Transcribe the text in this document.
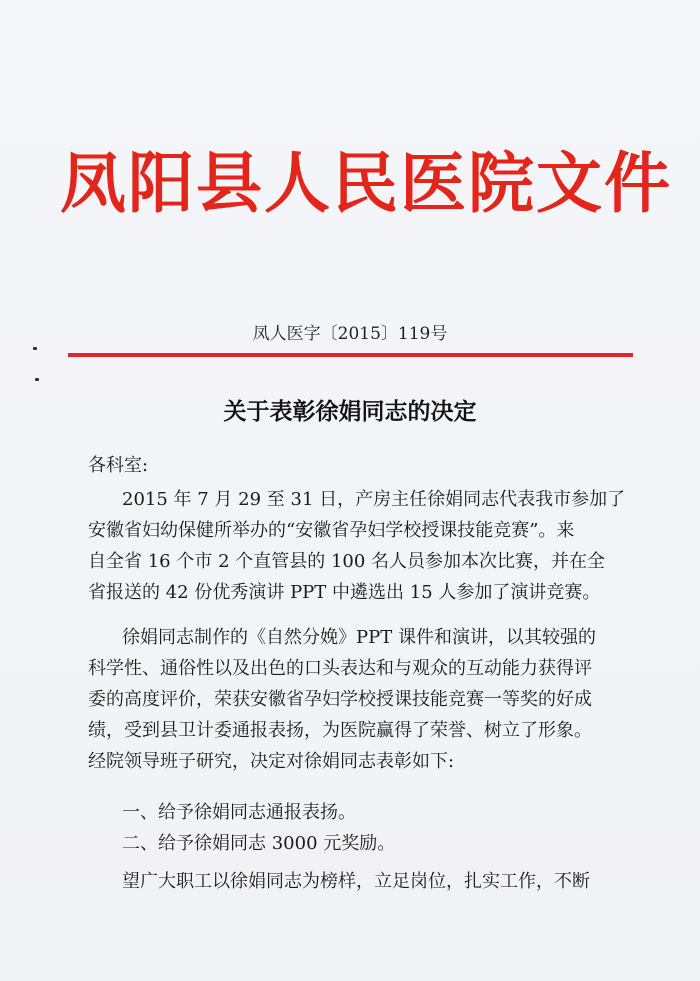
凤阳县人民医院文件
凤人医字〔2015〕119号
关于表彰徐娟同志的决定
各科室:
2015 年 7 月 29 至 31 日，产房主任徐娟同志代表我市参加了
安徽省妇幼保健所举办的“安徽省孕妇学校授课技能竞赛”。来
自全省 16 个市 2 个直管县的 100 名人员参加本次比赛，并在全
省报送的 42 份优秀演讲 PPT 中遴选出 15 人参加了演讲竞赛。
徐娟同志制作的《自然分娩》PPT 课件和演讲，以其较强的
科学性、通俗性以及出色的口头表达和与观众的互动能力获得评
委的高度评价，荣获安徽省孕妇学校授课技能竞赛一等奖的好成
绩，受到县卫计委通报表扬，为医院赢得了荣誉、树立了形象。
经院领导班子研究，决定对徐娟同志表彰如下:
一、给予徐娟同志通报表扬。
二、给予徐娟同志 3000 元奖励。
望广大职工以徐娟同志为榜样，立足岗位，扎实工作，不断
